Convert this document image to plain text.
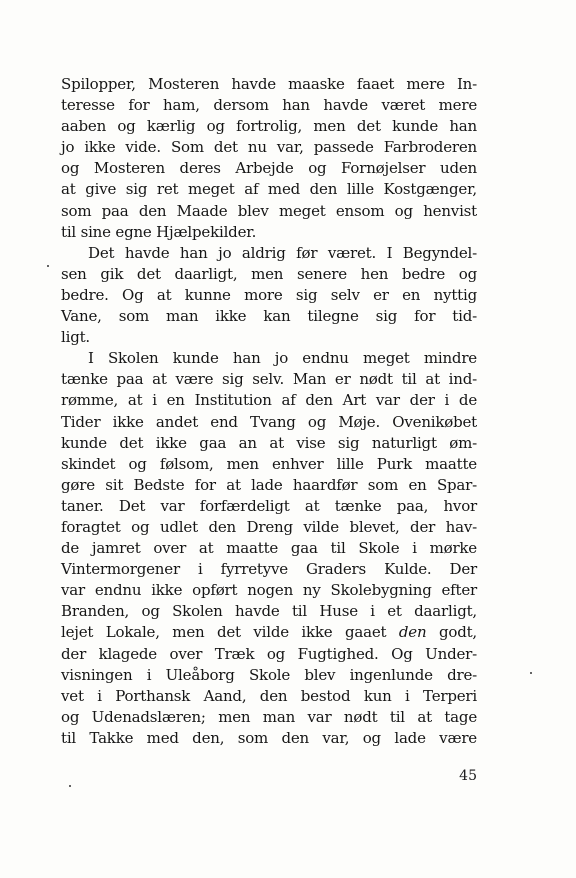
Spilopper, Mosteren havde maaske faaet mere In-
teresse for ham, dersom han havde været mere
aaben og kærlig og fortrolig, men det kunde han
jo ikke vide. Som det nu var, passede Farbroderen
og Mosteren deres Arbejde og Fornøjelser uden
at give sig ret meget af med den lille Kostgænger,
som paa den Maade blev meget ensom og henvist
til sine egne Hjælpekilder.
Det havde han jo aldrig før været. I Begyndel-
sen gik det daarligt, men senere hen bedre og
bedre. Og at kunne more sig selv er en nyttig
Vane, som man ikke kan tilegne sig for tid-
ligt.
I Skolen kunde han jo endnu meget mindre
tænke paa at være sig selv. Man er nødt til at ind-
rømme, at i en Institution af den Art var der i de
Tider ikke andet end Tvang og Møje. Ovenikøbet
kunde det ikke gaa an at vise sig naturligt øm-
skindet og følsom, men enhver lille Purk maatte
gøre sit Bedste for at lade haardfør som en Spar-
taner. Det var forfærdeligt at tænke paa, hvor
foragtet og udlet den Dreng vilde blevet, der hav-
de jamret over at maatte gaa til Skole i mørke
Vintermorgener i fyrretyve Graders Kulde. Der
var endnu ikke opført nogen ny Skolebygning efter
Branden, og Skolen havde til Huse i et daarligt,
lejet Lokale, men det vilde ikke gaaet den godt,
der klagede over Træk og Fugtighed. Og Under-
visningen i Uleåborg Skole blev ingenlunde dre-
vet i Porthansk Aand, den bestod kun i Terperi
og Udenadslæren; men man var nødt til at tage
til Takke med den, som den var, og lade være
45
